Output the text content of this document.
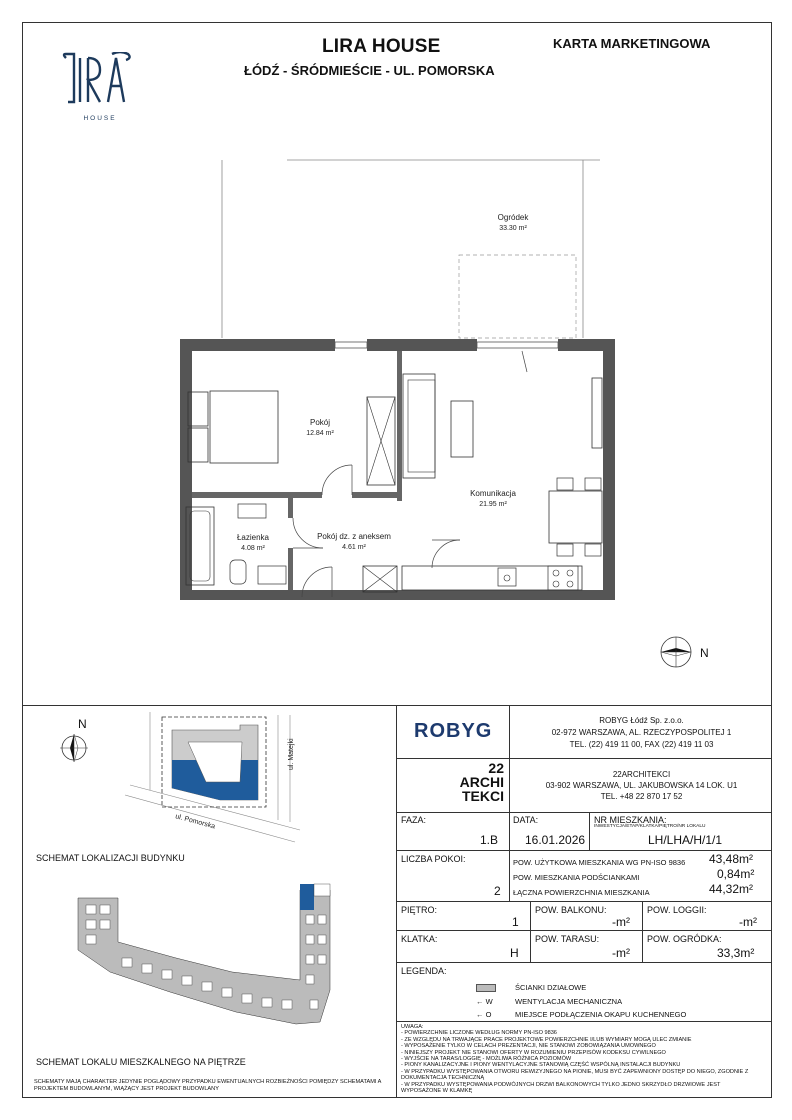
LIRA HOUSE
ŁÓDŹ - ŚRÓDMIEŚCIE - UL. POMORSKA
KARTA MARKETINGOWA
HOUSE
Ogródek
33.30 m²
Pokój
12.84 m²
Komunikacja
21.95 m²
Łazienka
4.08 m²
Pokój dz. z aneksem
4.61 m²
N
N
ul. Matejki
ul. Pomorska
SCHEMAT LOKALIZACJI BUDYNKU
SCHEMAT LOKALU MIESZKALNEGO NA PIĘTRZE
SCHEMATY MAJĄ CHARAKTER JEDYNIE POGLĄDOWY PRZYPADKU EWENTUALNYCH ROZBIEŻNOŚCI POMIĘDZY SCHEMATAMI A
PROJEKTEM BUDOWLANYM, WIĄŻĄCY JEST PROJEKT BUDOWLANY
ROBYG	ROBYG Łódź Sp. z.o.o.
02-972 WARSZAWA, AL. RZECZYPOSPOLITEJ 1
TEL. (22) 419 11 00, FAX (22) 419 11 03
22
ARCHI
TEKCI
22ARCHITEKCI
03-902 WARSZAWA, UL. JAKUBOWSKA 14 LOK. U1
TEL. +48 22 870 17 52
FAZA:
1.B
DATA:
16.01.2026
NR MIESZKANIA:
INWESTYCJA/ETAP/KLATKA/PIĘTRO/NR LOKALU
LH/LHA/H/1/1
LICZBA POKOI:
2
POW. UŻYTKOWA MIESZKANIA WG PN-ISO 9836 43,48m²
POW. MIESZKANIA PODŚCIANKAMI	0,84m²
ŁĄCZNA POWIERZCHNIA MIESZKANIA	44,32m²
PIĘTRO:
1
POW. BALKONU:
-m²
POW. LOGGII:
-m²
KLATKA:
H
POW. TARASU:
-m²
POW. OGRÓDKA:
33,3m²
LEGENDA:
ŚCIANKI DZIAŁOWE
← W	WENTYLACJA MECHANICZNA
← O	MIEJSCE PODŁĄCZENIA OKAPU KUCHENNEGO
UWAGA:
- POWIERZCHNIE LICZONE WEDŁUG NORMY PN-ISO 9836
- ZE WZGLĘDU NA TRWAJĄCE PRACE PROJEKTOWE POWIERZCHNIE I/LUB WYMIARY MOGĄ ULEC ZMIANIE
- WYPOSAŻENIE TYLKO W CELACH PREZENTACJI, NIE STANOWI ZOBOWIĄZANIA UMOWNEGO
- NINIEJSZY PROJEKT NIE STANOWI OFERTY W ROZUMIENIU PRZEPISÓW KODEKSU CYWILNEGO
- WYJŚCIE NA TARAS/LOGGIĘ - MOŻLIWA RÓŻNICA POZIOMÓW
- PIONY KANALIZACYJNE I PIONY WENTYLACYJNE STANOWIĄ CZĘŚĆ WSPÓLNĄ INSTALACJI BUDYNKU
- W PRZYPADKU WYSTĘPOWANIA OTWORU REWIZYJNEGO NA PIONIE, MUSI BYĆ ZAPEWNIONY DOSTĘP DO NIEGO, ZGODNIE Z
DOKUMENTACJA TECHNICZNĄ
- W PRZYPADKU WYSTĘPOWANIA PODWÓJNYCH DRZWI BALKONOWYCH TYLKO JEDNO SKRZYDŁO DRZWIOWE JEST
WYPOSAŻONE W KLAMKĘ
